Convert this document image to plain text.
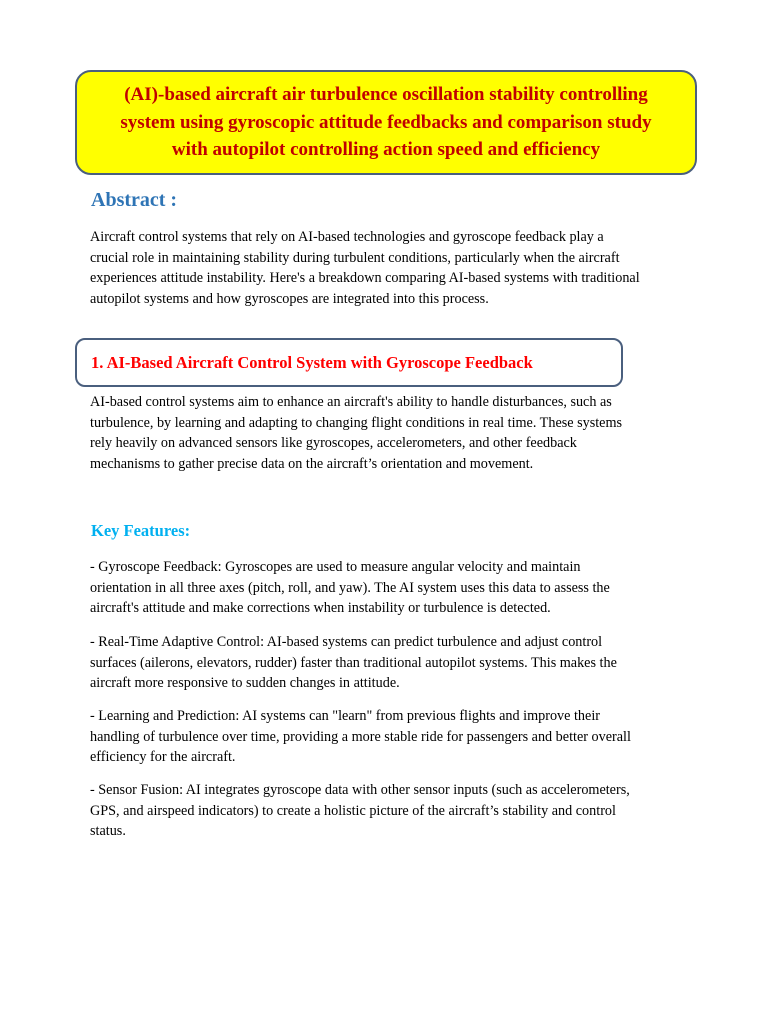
(AI)-based aircraft air turbulence oscillation stability controlling
system using gyroscopic attitude feedbacks and comparison study
with autopilot controlling action speed and efficiency
Abstract :

Aircraft control systems that rely on AI-based technologies and gyroscope feedback play a
crucial role in maintaining stability during turbulent conditions, particularly when the aircraft
experiences attitude instability. Here's a breakdown comparing AI-based systems with traditional
autopilot systems and how gyroscopes are integrated into this process.

1. AI-Based Aircraft Control System with Gyroscope Feedback

AI-based control systems aim to enhance an aircraft's ability to handle disturbances, such as
turbulence, by learning and adapting to changing flight conditions in real time. These systems
rely heavily on advanced sensors like gyroscopes, accelerometers, and other feedback
mechanisms to gather precise data on the aircraft’s orientation and movement.

Key Features:

- Gyroscope Feedback: Gyroscopes are used to measure angular velocity and maintain
orientation in all three axes (pitch, roll, and yaw). The AI system uses this data to assess the
aircraft's attitude and make corrections when instability or turbulence is detected.

- Real-Time Adaptive Control: AI-based systems can predict turbulence and adjust control
surfaces (ailerons, elevators, rudder) faster than traditional autopilot systems. This makes the
aircraft more responsive to sudden changes in attitude.

- Learning and Prediction: AI systems can "learn" from previous flights and improve their
handling of turbulence over time, providing a more stable ride for passengers and better overall
efficiency for the aircraft.

- Sensor Fusion: AI integrates gyroscope data with other sensor inputs (such as accelerometers,
GPS, and airspeed indicators) to create a holistic picture of the aircraft’s stability and control
status.
